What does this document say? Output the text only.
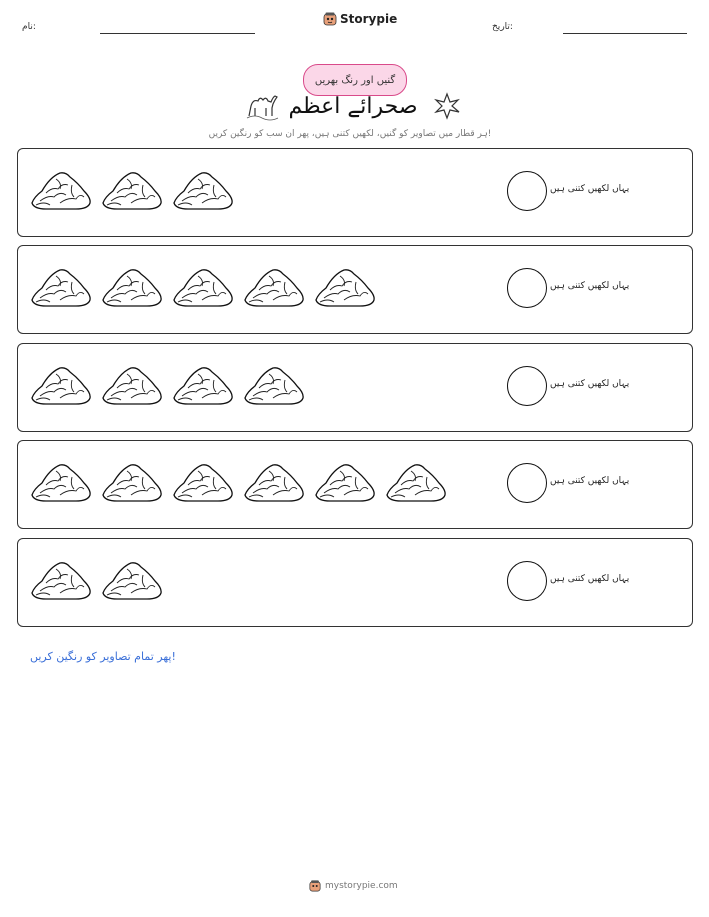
نام:
Storypie
تاریخ:
گنیں اور رنگ بھریں
صحرائے اعظم
ہر قطار میں تصاویر کو گنیں، لکھیں کتنی ہیں، پھر ان سب کو رنگین کریں!
یہاں لکھیں کتنی ہیں
یہاں لکھیں کتنی ہیں
یہاں لکھیں کتنی ہیں
یہاں لکھیں کتنی ہیں
یہاں لکھیں کتنی ہیں
پھر تمام تصاویر کو رنگین کریں!
mystorypie.com
